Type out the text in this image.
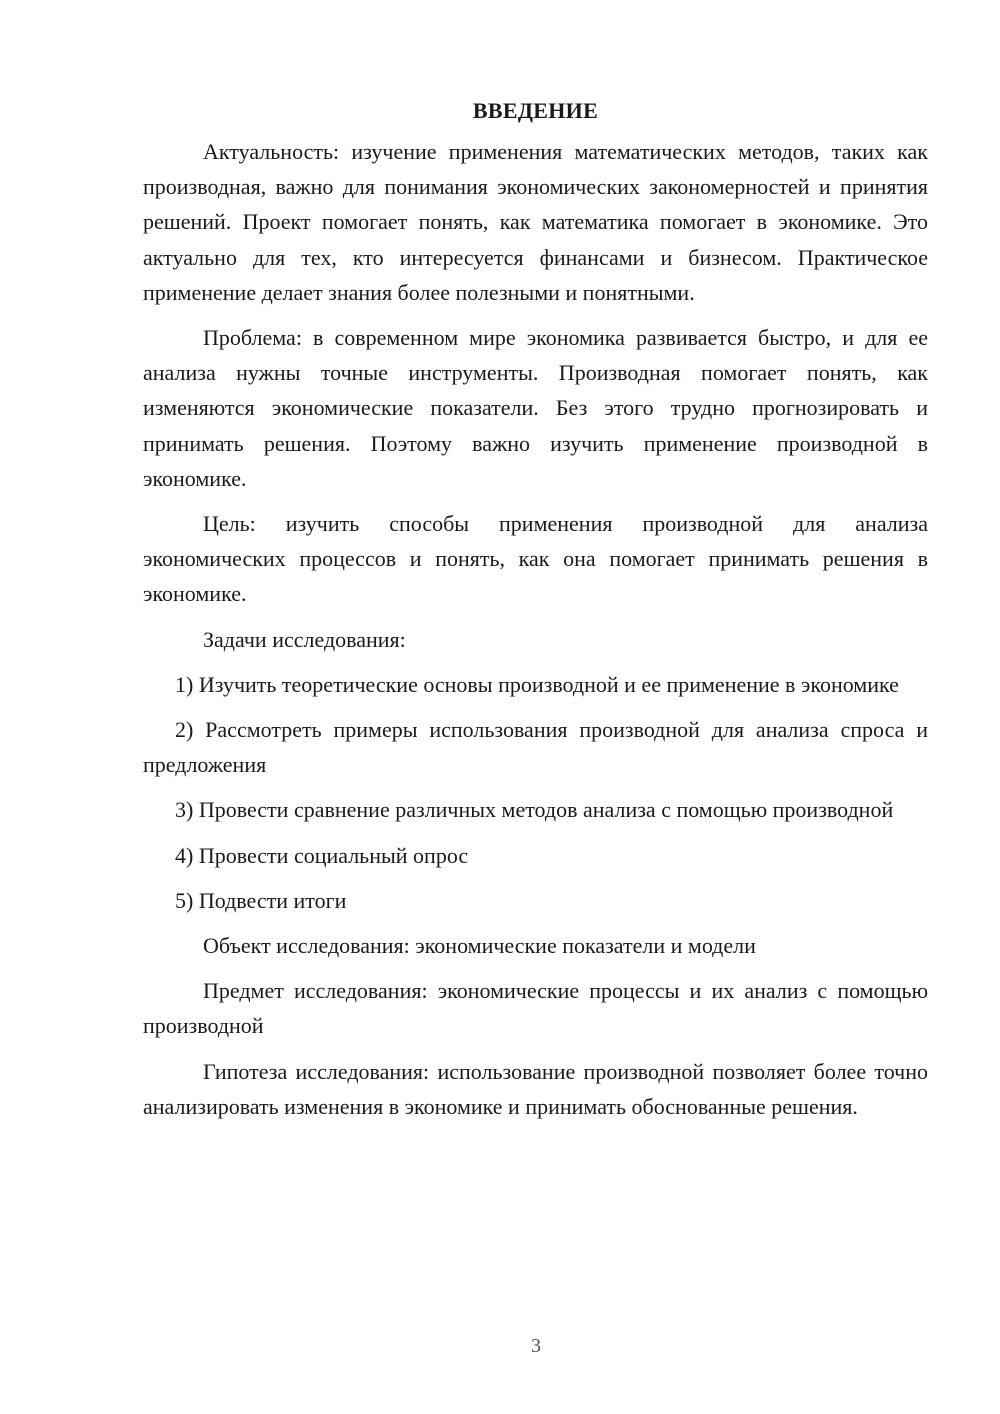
ВВЕДЕНИЕ

Актуальность: изучение применения математических методов, таких как производная, важно для понимания экономических закономерностей и принятия решений. Проект помогает понять, как математика помогает в экономике. Это актуально для тех, кто интересуется финансами и бизнесом. Практическое применение делает знания более полезными и понятными.

Проблема: в современном мире экономика развивается быстро, и для ее анализа нужны точные инструменты. Производная помогает понять, как изменяются экономические показатели. Без этого трудно прогнозировать и принимать решения. Поэтому важно изучить применение производной в экономике.

Цель: изучить способы применения производной для анализа экономических процессов и понять, как она помогает принимать решения в экономике.

Задачи исследования:

1) Изучить теоретические основы производной и ее применение в экономике

2) Рассмотреть примеры использования производной для анализа спроса и предложения

3) Провести сравнение различных методов анализа с помощью производной

4) Провести социальный опрос

5) Подвести итоги

Объект исследования: экономические показатели и модели

Предмет исследования: экономические процессы и их анализ с помощью производной

Гипотеза исследования: использование производной позволяет более точно анализировать изменения в экономике и принимать обоснованные решения.

3
